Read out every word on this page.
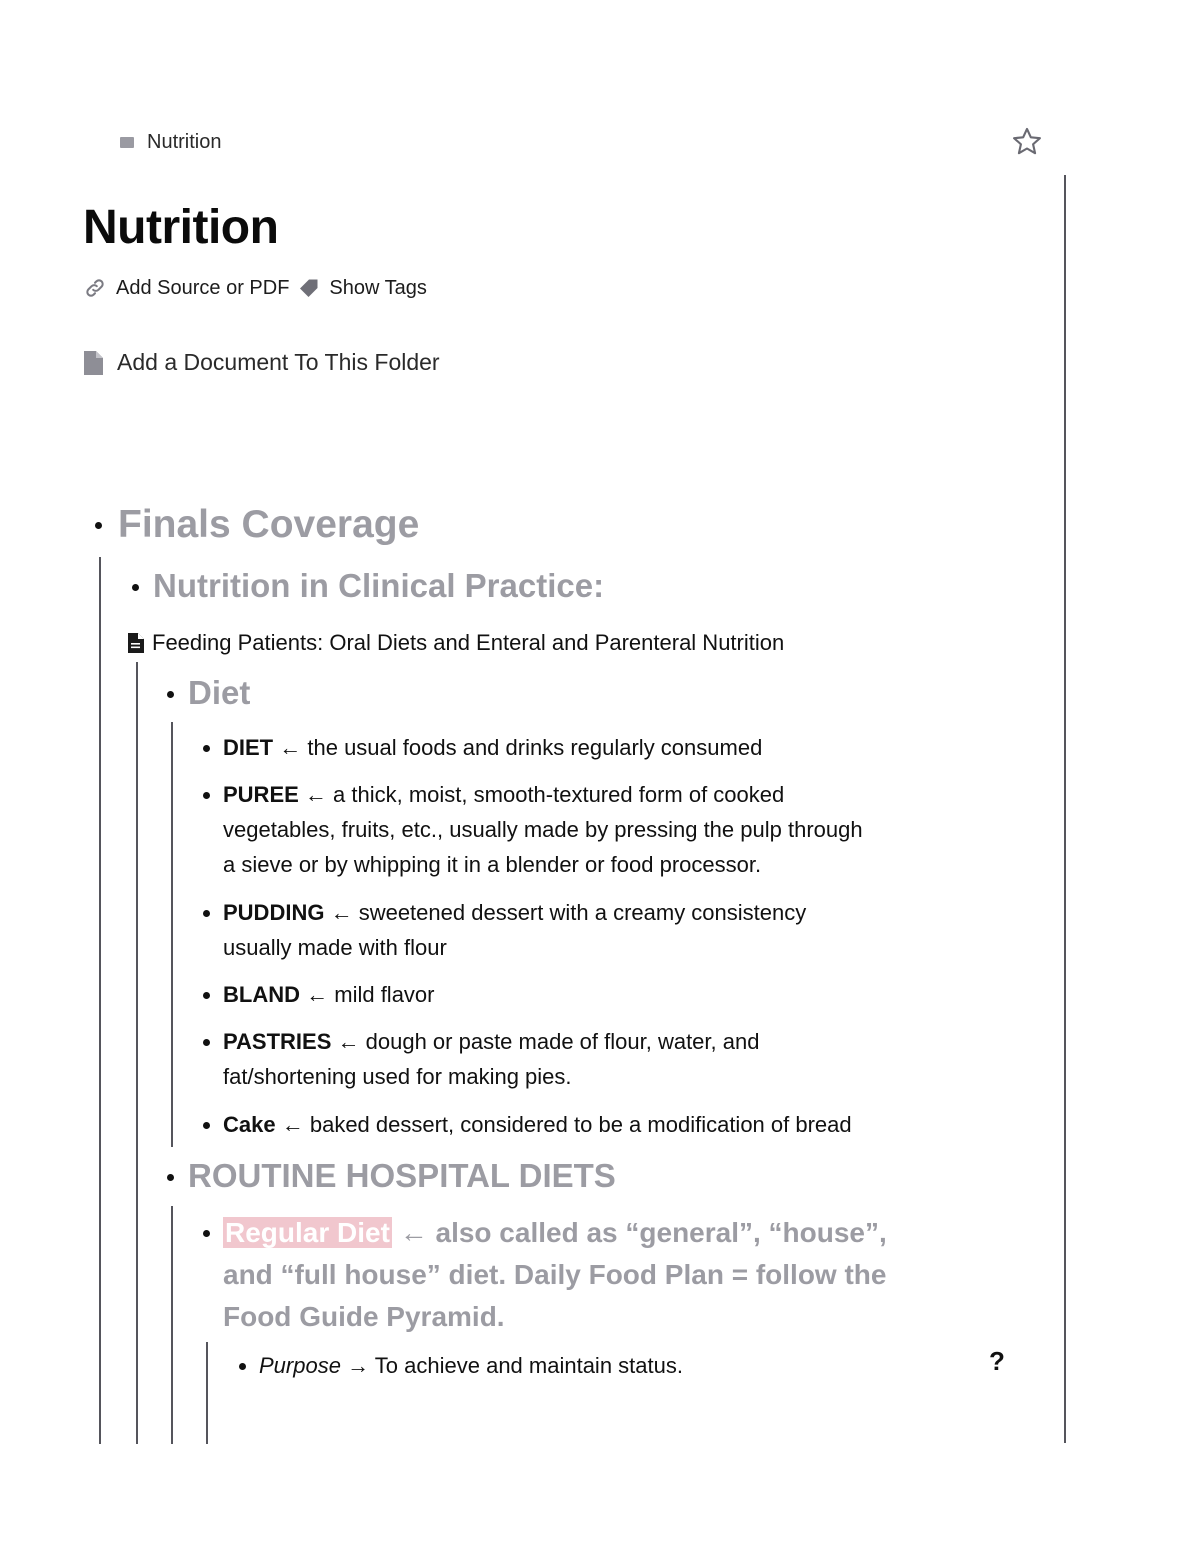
Nutrition
Nutrition
Add Source or PDF Show Tags
Add a Document To This Folder
Finals Coverage
Nutrition in Clinical Practice:
Feeding Patients: Oral Diets and Enteral and Parenteral Nutrition
Diet
DIET ← the usual foods and drinks regularly consumed
PUREE ← a thick, moist, smooth-textured form of cooked
vegetables, fruits, etc., usually made by pressing the pulp through
a sieve or by whipping it in a blender or food processor.
PUDDING ← sweetened dessert with a creamy consistency
usually made with flour
BLAND ← mild flavor
PASTRIES ← dough or paste made of flour, water, and
fat/shortening used for making pies.
Cake ← baked dessert, considered to be a modification of bread
ROUTINE HOSPITAL DIETS
Regular Diet ← also called as “general”, “house”,
and “full house” diet. Daily Food Plan = follow the
Food Guide Pyramid.
Purpose → To achieve and maintain status.	?
